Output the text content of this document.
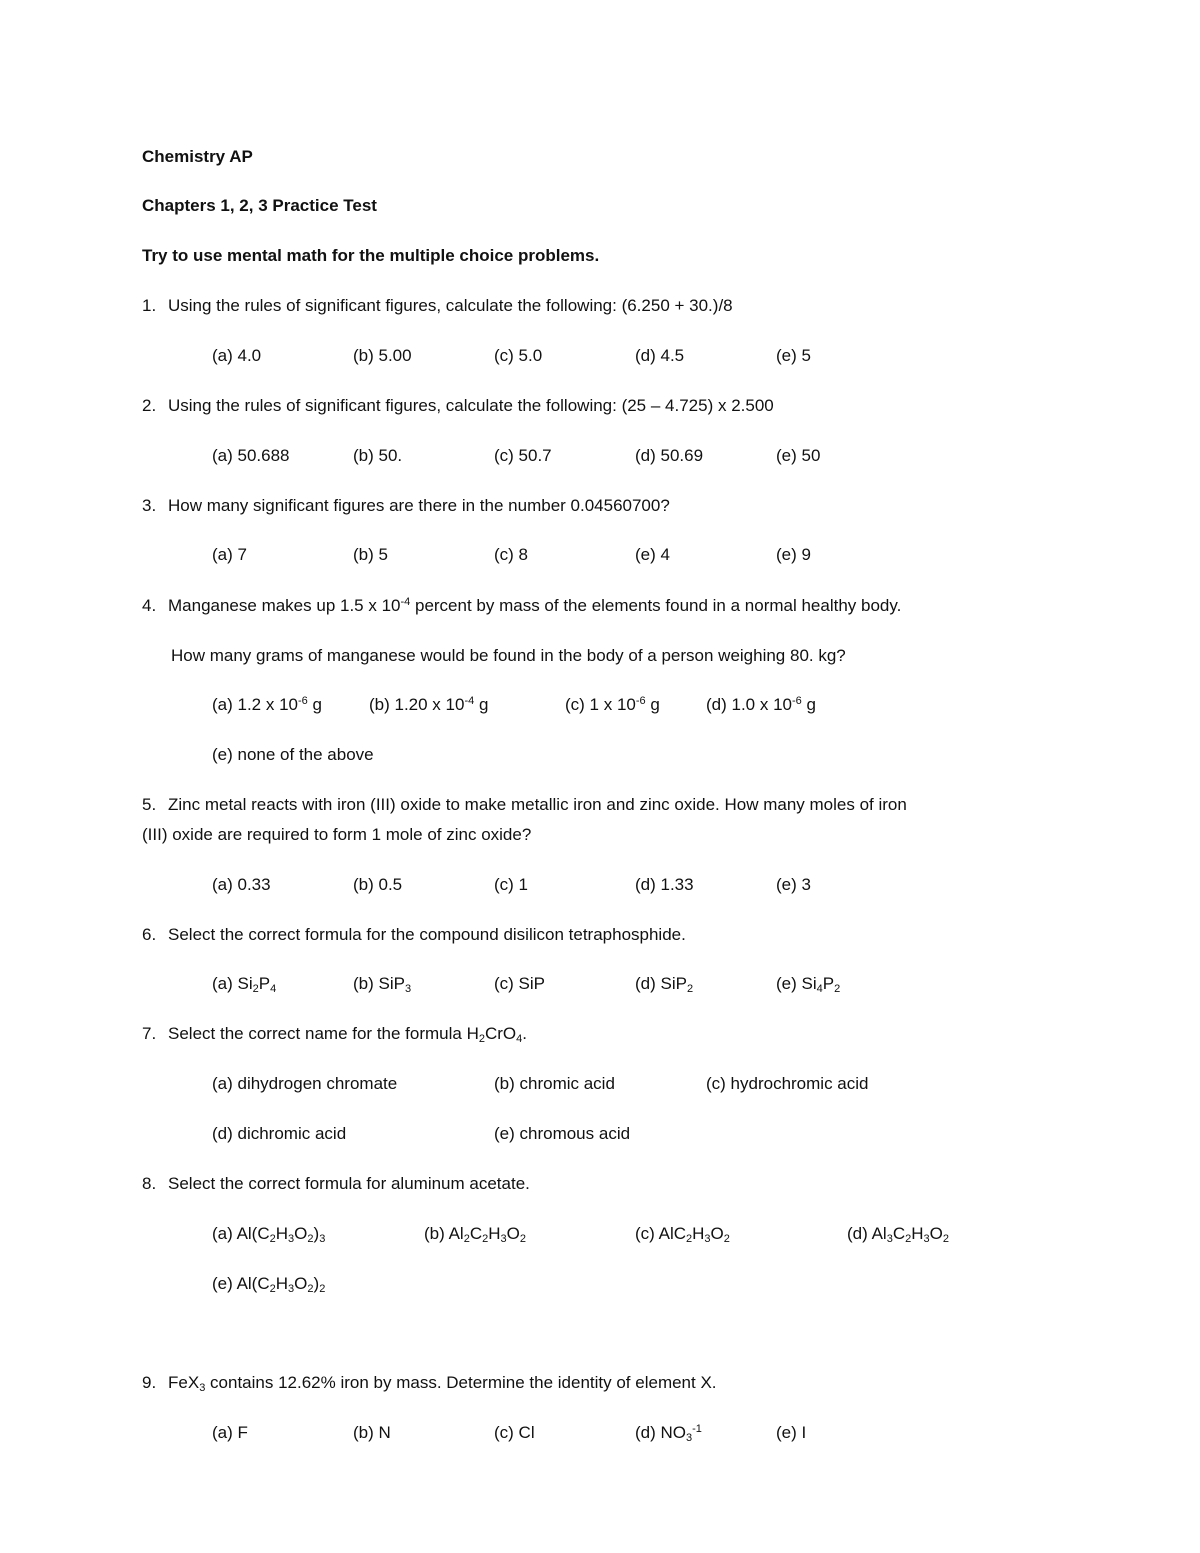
Chemistry AP
Chapters 1, 2, 3 Practice Test
Try to use mental math for the multiple choice problems.
1. Using the rules of significant figures, calculate the following: (6.250 + 30.)/8
(a) 4.0	(b) 5.00	(c) 5.0	(d) 4.5	(e) 5
2. Using the rules of significant figures, calculate the following: (25 – 4.725) x 2.500
(a) 50.688	(b) 50.	(c) 50.7	(d) 50.69	(e) 50
3. How many significant figures are there in the number 0.04560700?
(a) 7	(b) 5	(c) 8	(e) 4	(e) 9
4. Manganese makes up 1.5 x $10^{-4}$ percent by mass of the elements found in a normal healthy body.
How many grams of manganese would be found in the body of a person weighing 80. kg?
(a) 1.2 x $10^{-6}$ g	(b) 1.20 x $10^{-4}$ g	(c) 1 x $10^{-6}$ g	(d) 1.0 x $10^{-6}$ g
(e) none of the above
5. Zinc metal reacts with iron (III) oxide to make metallic iron and zinc oxide. How many moles of iron
(III) oxide are required to form 1 mole of zinc oxide?
(a) 0.33	(b) 0.5	(c) 1	(d) 1.33	(e) 3
6. Select the correct formula for the compound disilicon tetraphosphide.
(a) $Si_2P_4$	(b) SiP$_3$	(c) SiP	(d) SiP$_2$	(e) $Si_4P_2$
7. Select the correct name for the formula $H_2CrO_4$.
(a) dihydrogen chromate	(b) chromic acid	(c) hydrochromic acid
(d) dichromic acid	(e) chromous acid
8. Select the correct formula for aluminum acetate.
(a) $Al(C_2H_3O_2)_3$	(b) $Al_2C_2H_3O_2$	(c) $AlC_2H_3O_2$	(d) $Al_3C_2H_3O_2$
(e) $Al(C_2H_3O_2)_2$
9. FeX$_3$ contains 12.62% iron by mass. Determine the identity of element X.
(a) F	(b) N	(c) Cl	(d) $NO_3^{-1}$	(e) I
